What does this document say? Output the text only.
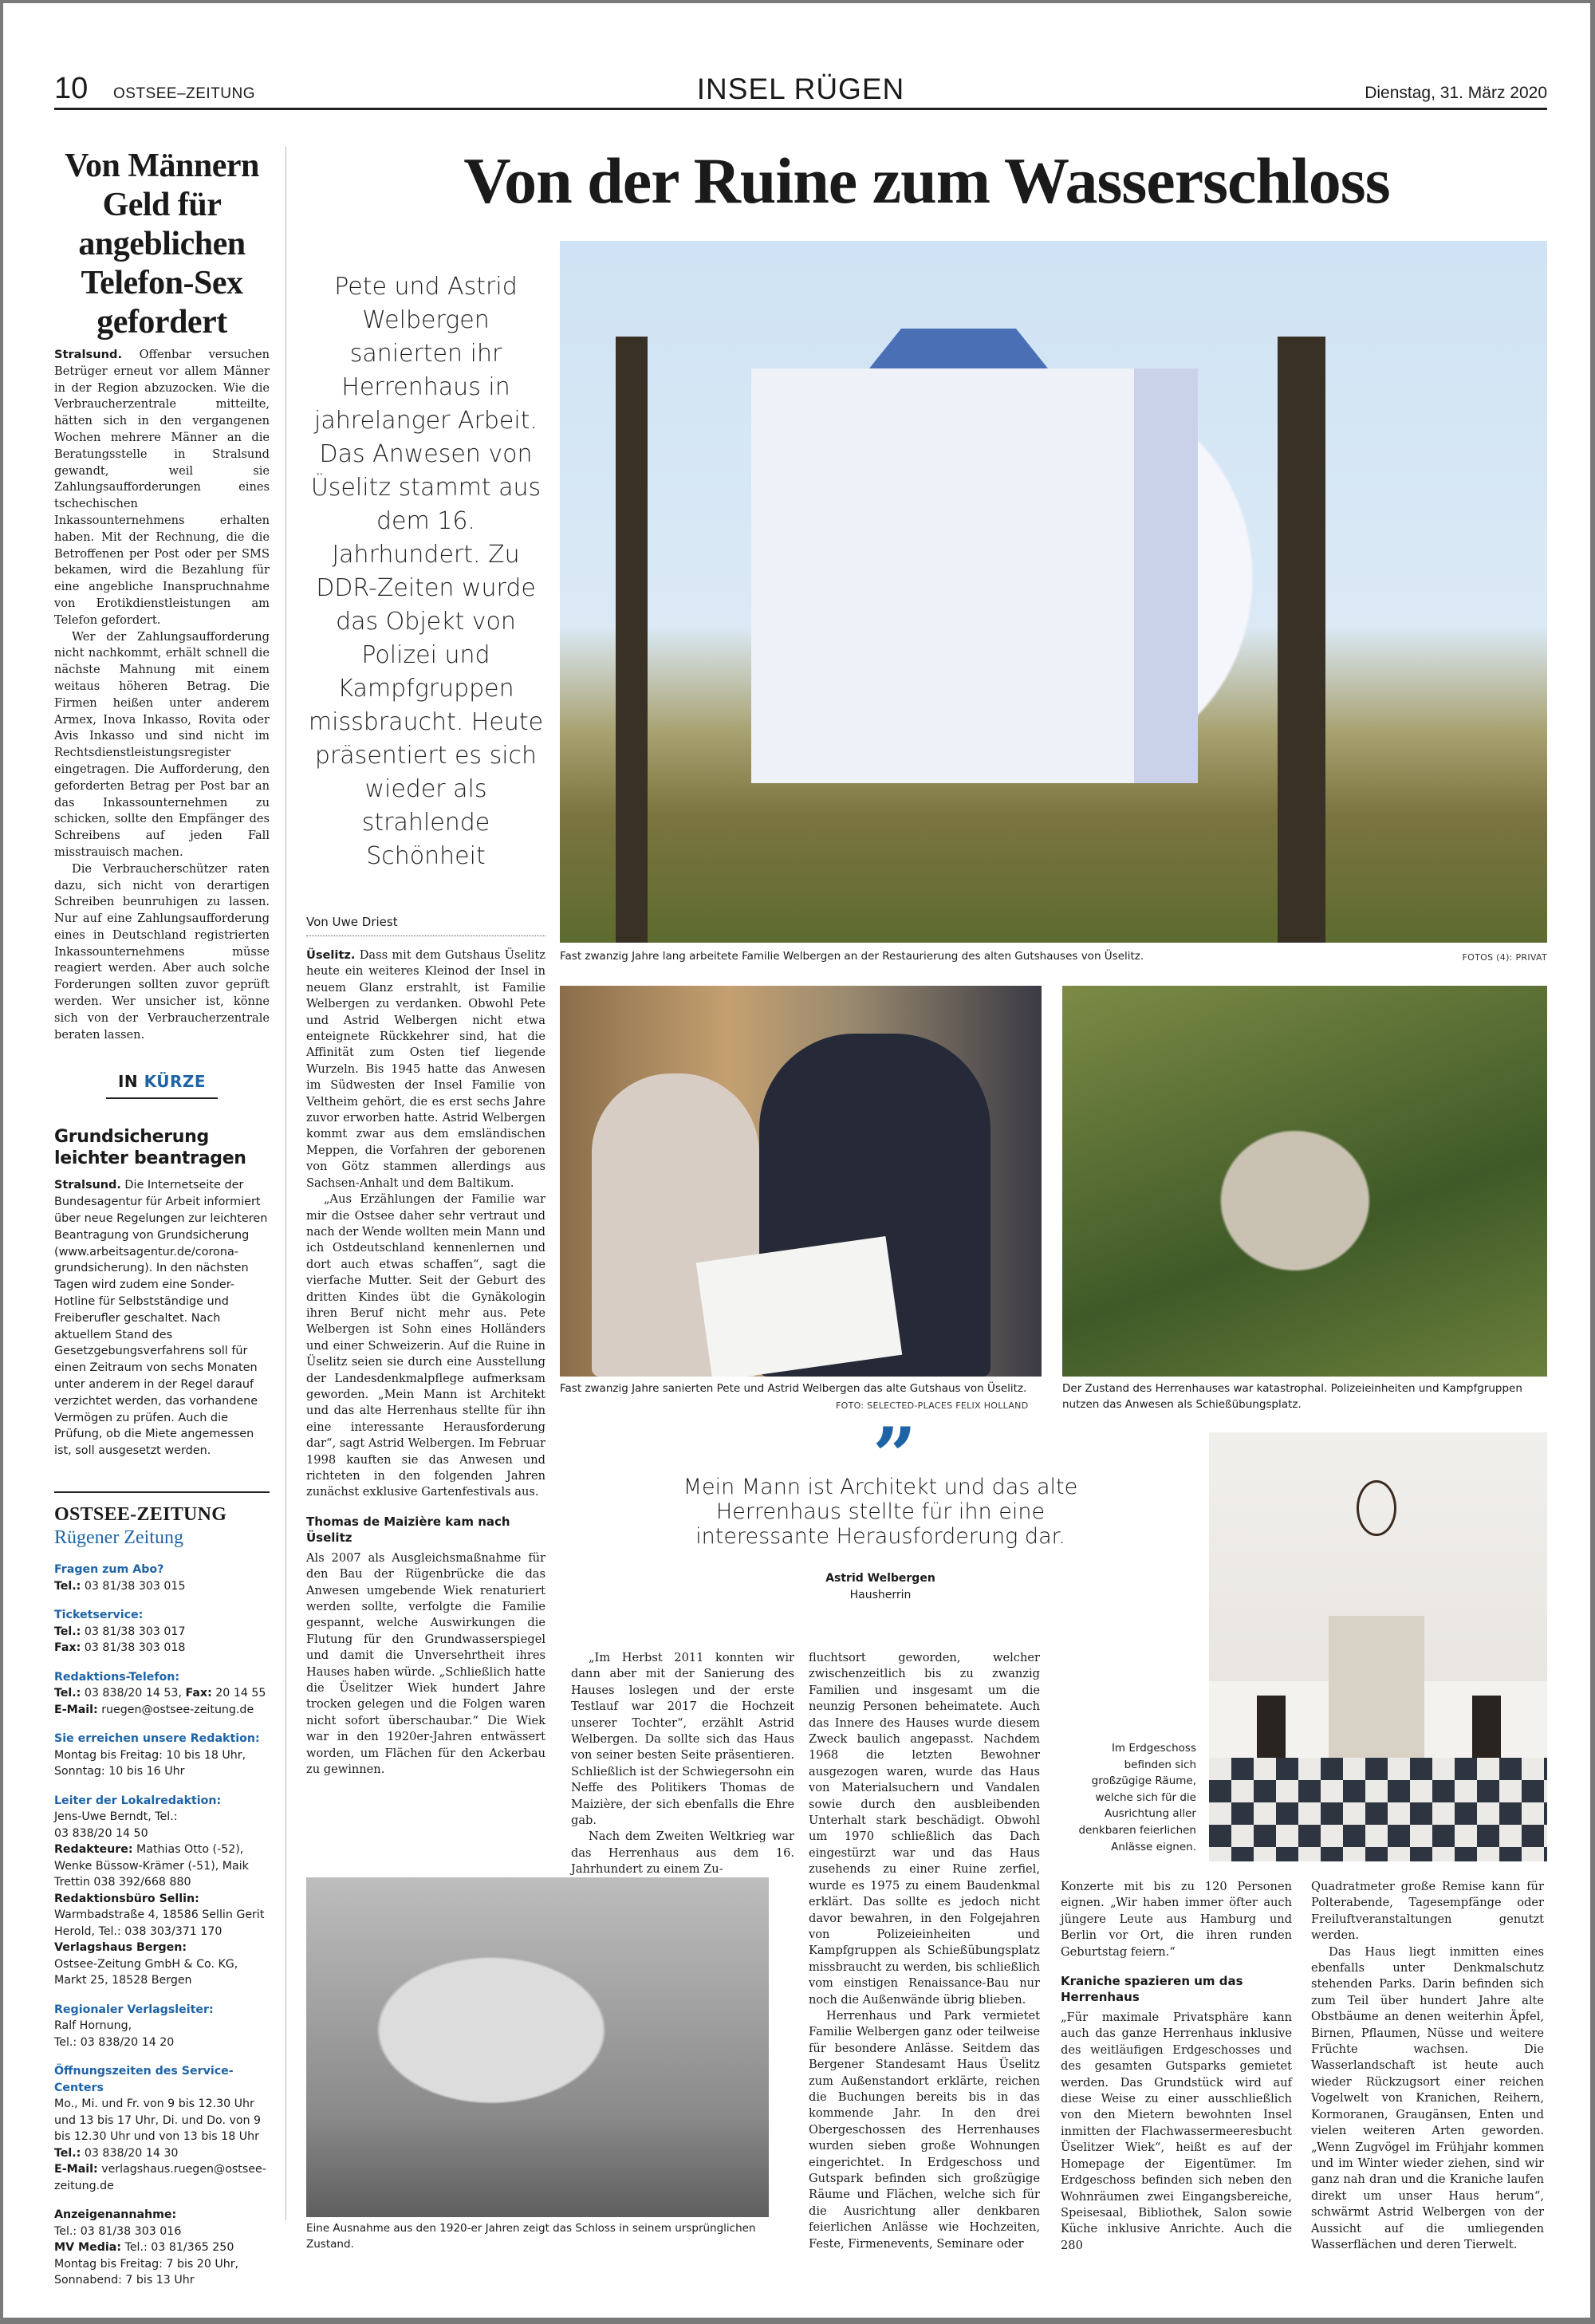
10 OSTSEE–ZEITUNG	INSEL RÜGEN	Dienstag, 31. März 2020
Von Männern Geld für angeblichen Telefon-Sex gefordert

Stralsund. Offenbar versuchen Betrüger erneut vor allem Männer in der Region abzuzocken. Wie die Verbraucherzentrale mitteilte, hätten sich in den vergangenen Wochen mehrere Männer an die Beratungsstelle in Stralsund gewandt, weil sie Zahlungsaufforderungen eines tschechischen Inkassounternehmens erhalten haben. Mit der Rechnung, die die Betroffenen per Post oder per SMS bekamen, wird die Bezahlung für eine angebliche Inanspruchnahme von Erotikdienstleistungen am Telefon gefordert.

Wer der Zahlungsaufforderung nicht nachkommt, erhält schnell die nächste Mahnung mit einem weitaus höheren Betrag. Die Firmen heißen unter anderem Armex, Inova Inkasso, Rovita oder Avis Inkasso und sind nicht im Rechtsdienstleistungsregister eingetragen. Die Aufforderung, den geforderten Betrag per Post bar an das Inkassounternehmen zu schicken, sollte den Empfänger des Schreibens auf jeden Fall misstrauisch machen.

Die Verbraucherschützer raten dazu, sich nicht von derartigen Schreiben beunruhigen zu lassen. Nur auf eine Zahlungsaufforderung eines in Deutschland registrierten Inkassounternehmens müsse reagiert werden. Aber auch solche Forderungen sollten zuvor geprüft werden. Wer unsicher ist, könne sich von der Verbraucherzentrale beraten lassen.

IN KÜRZE
Grundsicherung leichter beantragen
Stralsund. Die Internetseite der Bundesagentur für Arbeit informiert über neue Regelungen zur leichteren Beantragung von Grundsicherung (www.arbeitsagentur.de/corona-grundsicherung). In den nächsten Tagen wird zudem eine Sonder-Hotline für Selbstständige und Freiberufler geschaltet. Nach aktuellem Stand des Gesetzgebungsverfahrens soll für einen Zeitraum von sechs Monaten unter anderem in der Regel darauf verzichtet werden, das vorhandene Vermögen zu prüfen. Auch die Prüfung, ob die Miete angemessen ist, soll ausgesetzt werden.
OSTSEE-ZEITUNG
Rügener Zeitung
Fragen zum Abo?
Tel.: 03 81/38 303 015
Ticketservice:
Tel.: 03 81/38 303 017
Fax: 03 81/38 303 018
Redaktions-Telefon:
Tel.: 03 838/20 14 53, Fax: 20 14 55
E-Mail: ruegen@ostsee-zeitung.de
Sie erreichen unsere Redaktion:
Montag bis Freitag: 10 bis 18 Uhr,
Sonntag: 10 bis 16 Uhr
Leiter der Lokalredaktion:
Jens-Uwe Berndt, Tel.:
03 838/20 14 50
Redakteure: Mathias Otto (-52), Wenke Büssow-Krämer (-51), Maik Trettin 038 392/668 880
Redaktionsbüro Sellin:
Warmbadstraße 4, 18586 Sellin Gerit Herold, Tel.: 038 303/371 170
Verlagshaus Bergen:
Ostsee-Zeitung GmbH & Co. KG, Markt 25, 18528 Bergen
Regionaler Verlagsleiter:
Ralf Hornung,
Tel.: 03 838/20 14 20
Öffnungszeiten des Service-Centers
Mo., Mi. und Fr. von 9 bis 12.30 Uhr und 13 bis 17 Uhr, Di. und Do. von 9 bis 12.30 Uhr und von 13 bis 18 Uhr
Tel.: 03 838/20 14 30
E-Mail: verlagshaus.ruegen@ostsee-zeitung.de
Anzeigenannahme:
Tel.: 03 81/38 303 016
MV Media: Tel.: 03 81/365 250
Montag bis Freitag: 7 bis 20 Uhr,
Sonnabend: 7 bis 13 Uhr
Von der Ruine zum Wasserschloss
Pete und Astrid Welbergen sanierten ihr Herrenhaus in jahrelanger Arbeit. Das Anwesen von Üselitz stammt aus dem 16. Jahrhundert. Zu DDR-Zeiten wurde das Objekt von Polizei und Kampfgruppen missbraucht. Heute präsentiert es sich wieder als strahlende Schönheit
Fast zwanzig Jahre lang arbeitete Familie Welbergen an der Restaurierung des alten Gutshauses von Üselitz.	FOTOS (4): PRIVAT
Von Uwe Driest

Üselitz. Dass mit dem Gutshaus Üselitz heute ein weiteres Kleinod der Insel in neuem Glanz erstrahlt, ist Familie Welbergen zu verdanken. Obwohl Pete und Astrid Welbergen nicht etwa enteignete Rückkehrer sind, hat die Affinität zum Osten tief liegende Wurzeln. Bis 1945 hatte das Anwesen im Südwesten der Insel Familie von Veltheim gehört, die es erst sechs Jahre zuvor erworben hatte. Astrid Welbergen kommt zwar aus dem emsländischen Meppen, die Vorfahren der geborenen von Götz stammen allerdings aus Sachsen-Anhalt und dem Baltikum.

„Aus Erzählungen der Familie war mir die Ostsee daher sehr vertraut und nach der Wende wollten mein Mann und ich Ostdeutschland kennenlernen und dort auch etwas schaffen“, sagt die vierfache Mutter. Seit der Geburt des dritten Kindes übt die Gynäkologin ihren Beruf nicht mehr aus. Pete Welbergen ist Sohn eines Holländers und einer Schweizerin. Auf die Ruine in Üselitz seien sie durch eine Ausstellung der Landesdenkmalpflege aufmerksam geworden. „Mein Mann ist Architekt und das alte Herrenhaus stellte für ihn eine interessante Herausforderung dar“, sagt Astrid Welbergen. Im Februar 1998 kauften sie das Anwesen und richteten in den folgenden Jahren zunächst exklusive Gartenfestivals aus.

Thomas de Maizière kam nach Üselitz

Als 2007 als Ausgleichsmaßnahme für den Bau der Rügenbrücke die das Anwesen umgebende Wiek renaturiert werden sollte, verfolgte die Familie gespannt, welche Auswirkungen die Flutung für den Grundwasserspiegel und damit die Unversehrtheit ihres Hauses haben würde. „Schließlich hatte die Üselitzer Wiek hundert Jahre trocken gelegen und die Folgen waren nicht sofort überschaubar.“ Die Wiek war in den 1920er-Jahren entwässert worden, um Flächen für den Ackerbau zu gewinnen.

Fast zwanzig Jahre sanierten Pete und Astrid Welbergen das alte Gutshaus von Üselitz.
FOTO: SELECTED-PLACES FELIX HOLLAND
Der Zustand des Herrenhauses war katastrophal. Polizeieinheiten und Kampfgruppen nutzen das Anwesen als Schießübungsplatz.
”
Mein Mann ist Architekt und das alte Herrenhaus stellte für ihn eine interessante Herausforderung dar.
Astrid Welbergen
Hausherrin
Im Erdgeschoss befinden sich großzügige Räume, welche sich für die Ausrichtung aller denkbaren feierlichen Anlässe eignen.

„Im Herbst 2011 konnten wir dann aber mit der Sanierung des Hauses loslegen und der erste Testlauf war 2017 die Hochzeit unserer Tochter“, erzählt Astrid Welbergen. Da sollte sich das Haus von seiner besten Seite präsentieren. Schließlich ist der Schwiegersohn ein Neffe des Politikers Thomas de Maizière, der sich ebenfalls die Ehre gab.

Nach dem Zweiten Weltkrieg war das Herrenhaus aus dem 16. Jahrhundert zu einem Zu-

Eine Ausnahme aus den 1920-er Jahren zeigt das Schloss in seinem ursprünglichen Zustand.

fluchtsort geworden, welcher zwischenzeitlich bis zu zwanzig Familien und insgesamt um die neunzig Personen beheimatete. Auch das Innere des Hauses wurde diesem Zweck baulich angepasst. Nachdem 1968 die letzten Bewohner ausgezogen waren, wurde das Haus von Materialsuchern und Vandalen sowie durch den ausbleibenden Unterhalt stark beschädigt. Obwohl um 1970 schließlich das Dach eingestürzt war und das Haus zusehends zu einer Ruine zerfiel, wurde es 1975 zu einem Baudenkmal erklärt. Das sollte es jedoch nicht davor bewahren, in den Folgejahren von Polizeieinheiten und Kampfgruppen als Schießübungsplatz missbraucht zu werden, bis schließlich vom einstigen Renaissance-Bau nur noch die Außenwände übrig blieben.

Herrenhaus und Park vermietet Familie Welbergen ganz oder teilweise für besondere Anlässe. Seitdem das Bergener Standesamt Haus Üselitz zum Außenstandort erklärte, reichen die Buchungen bereits bis in das kommende Jahr. In den drei Obergeschossen des Herrenhauses wurden sieben große Wohnungen eingerichtet. In Erdgeschoss und Gutspark befinden sich großzügige Räume und Flächen, welche sich für die Ausrichtung aller denkbaren feierlichen Anlässe wie Hochzeiten, Feste, Firmenevents, Seminare oder

Konzerte mit bis zu 120 Personen eignen. „Wir haben immer öfter auch jüngere Leute aus Hamburg und Berlin vor Ort, die ihren runden Geburtstag feiern.“

Kraniche spazieren um das Herrenhaus

„Für maximale Privatsphäre kann auch das ganze Herrenhaus inklusive des weitläufigen Erdgeschosses und des gesamten Gutsparks gemietet werden. Das Grundstück wird auf diese Weise zu einer ausschließlich von den Mietern bewohnten Insel inmitten der Flachwassermeeresbucht Üselitzer Wiek“, heißt es auf der Homepage der Eigentümer. Im Erdgeschoss befinden sich neben den Wohnräumen zwei Eingangsbereiche, Speisesaal, Bibliothek, Salon sowie Küche inklusive Anrichte. Auch die 280

Quadratmeter große Remise kann für Polterabende, Tagesempfänge oder Freiluftveranstaltungen genutzt werden.

Das Haus liegt inmitten eines ebenfalls unter Denkmalschutz stehenden Parks. Darin befinden sich zum Teil über hundert Jahre alte Obstbäume an denen weiterhin Äpfel, Birnen, Pflaumen, Nüsse und weitere Früchte wachsen. Die Wasserlandschaft ist heute auch wieder Rückzugsort einer reichen Vogelwelt von Kranichen, Reihern, Kormoranen, Graugänsen, Enten und vielen weiteren Arten geworden. „Wenn Zugvögel im Frühjahr kommen und im Winter wieder ziehen, sind wir ganz nah dran und die Kraniche laufen direkt um unser Haus herum“, schwärmt Astrid Welbergen von der Aussicht auf die umliegenden Wasserflächen und deren Tierwelt.
